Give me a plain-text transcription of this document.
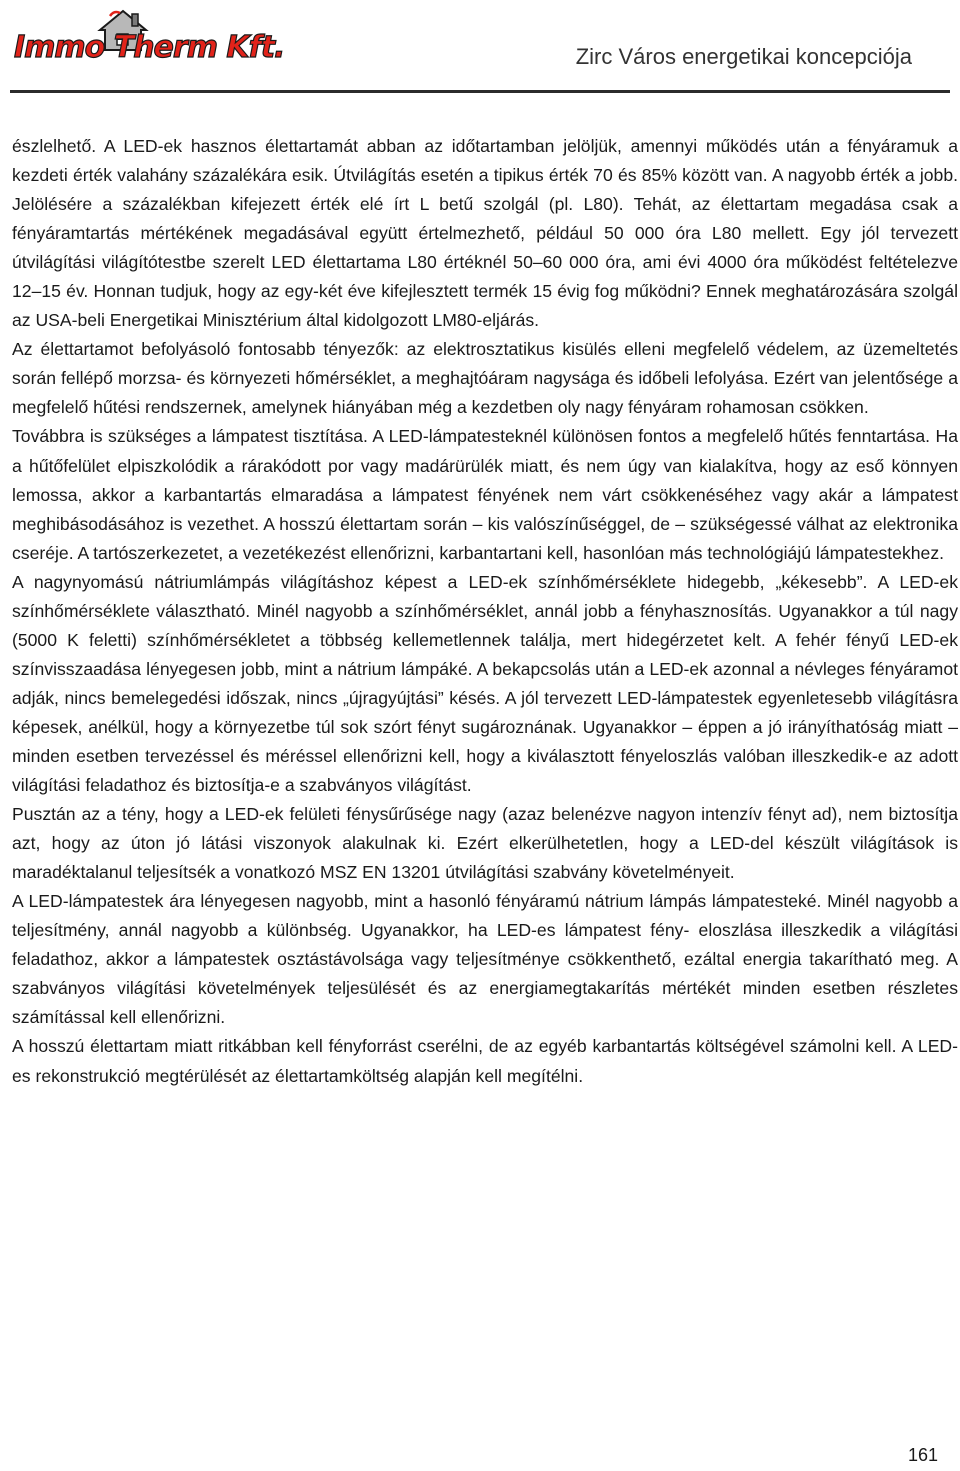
Immo Therm Kft.	Zirc Város energetikai koncepciója

észlelhető. A LED-ek hasznos élettartamát abban az időtartamban jelöljük, amennyi működés után a fényáramuk a kezdeti érték valahány százalékára esik. Útvilágítás esetén a tipikus érték 70 és 85% között van. A nagyobb érték a jobb. Jelölésére a százalékban kifejezett érték elé írt L betű szolgál (pl. L80). Tehát, az élettartam megadása csak a fényáramtartás mértékének megadásával együtt értelmezhető, például 50 000 óra L80 mellett. Egy jól tervezett útvilágítási világítótestbe szerelt LED élettartama L80 értéknél 50–60 000 óra, ami évi 4000 óra működést feltételezve 12–15 év. Honnan tudjuk, hogy az egy-két éve kifejlesztett termék 15 évig fog működni? Ennek meghatározására szolgál az USA-beli Energetikai Minisztérium által kidolgozott LM80-eljárás.

Az élettartamot befolyásoló fontosabb tényezők: az elektrosztatikus kisülés elleni megfelelő védelem, az üzemeltetés során fellépő morzsa- és környezeti hőmérséklet, a meghajtóáram nagysága és időbeli lefolyása. Ezért van jelentősége a megfelelő hűtési rendszernek, amelynek hiányában még a kezdetben oly nagy fényáram rohamosan csökken.

Továbbra is szükséges a lámpatest tisztítása. A LED-lámpatesteknél különösen fontos a megfelelő hűtés fenntartása. Ha a hűtőfelület elpiszkolódik a rárakódott por vagy madárürülék miatt, és nem úgy van kialakítva, hogy az eső könnyen lemossa, akkor a karbantartás elmaradása a lámpatest fényének nem várt csökkenéséhez vagy akár a lámpatest meghibásodásához is vezethet. A hosszú élettartam során – kis valószínűséggel, de – szükségessé válhat az elektronika cseréje. A tartószerkezetet, a vezetékezést ellenőrizni, karbantartani kell, hasonlóan más technológiájú lámpatestekhez.

A nagynyomású nátriumlámpás világításhoz képest a LED-ek színhőmérséklete hidegebb, „kékesebb”. A LED-ek színhőmérséklete választható. Minél nagyobb a színhőmérséklet, annál jobb a fényhasznosítás. Ugyanakkor a túl nagy (5000 K feletti) színhőmérsékletet a többség kellemetlennek találja, mert hidegérzetet kelt. A fehér fényű LED-ek színvisszaadása lényegesen jobb, mint a nátrium lámpáké. A bekapcsolás után a LED-ek azonnal a névleges fényáramot adják, nincs bemelegedési időszak, nincs „újragyújtási” késés. A jól tervezett LED-lámpatestek egyenletesebb világításra képesek, anélkül, hogy a környezetbe túl sok szórt fényt sugároznának. Ugyanakkor – éppen a jó irányíthatóság miatt – minden esetben tervezéssel és méréssel ellenőrizni kell, hogy a kiválasztott fényeloszlás valóban illeszkedik-e az adott világítási feladathoz és biztosítja-e a szabványos világítást.

Pusztán az a tény, hogy a LED-ek felületi fénysűrűsége nagy (azaz belenézve nagyon intenzív fényt ad), nem biztosítja azt, hogy az úton jó látási viszonyok alakulnak ki. Ezért elkerülhetetlen, hogy a LED-del készült világítások is maradéktalanul teljesítsék a vonatkozó MSZ EN 13201 útvilágítási szabvány követelményeit.

A LED-lámpatestek ára lényegesen nagyobb, mint a hasonló fényáramú nátrium lámpás lámpatesteké. Minél nagyobb a teljesítmény, annál nagyobb a különbség. Ugyanakkor, ha LED-es lámpatest fény- eloszlása illeszkedik a világítási feladathoz, akkor a lámpatestek osztástávolsága vagy teljesítménye csökkenthető, ezáltal energia takarítható meg. A szabványos világítási követelmények teljesülését és az energiamegtakarítás mértékét minden esetben részletes számítással kell ellenőrizni.

A hosszú élettartam miatt ritkábban kell fényforrást cserélni, de az egyéb karbantartás költségével számolni kell. A LED-es rekonstrukció megtérülését az élettartamköltség alapján kell megítélni.

161
